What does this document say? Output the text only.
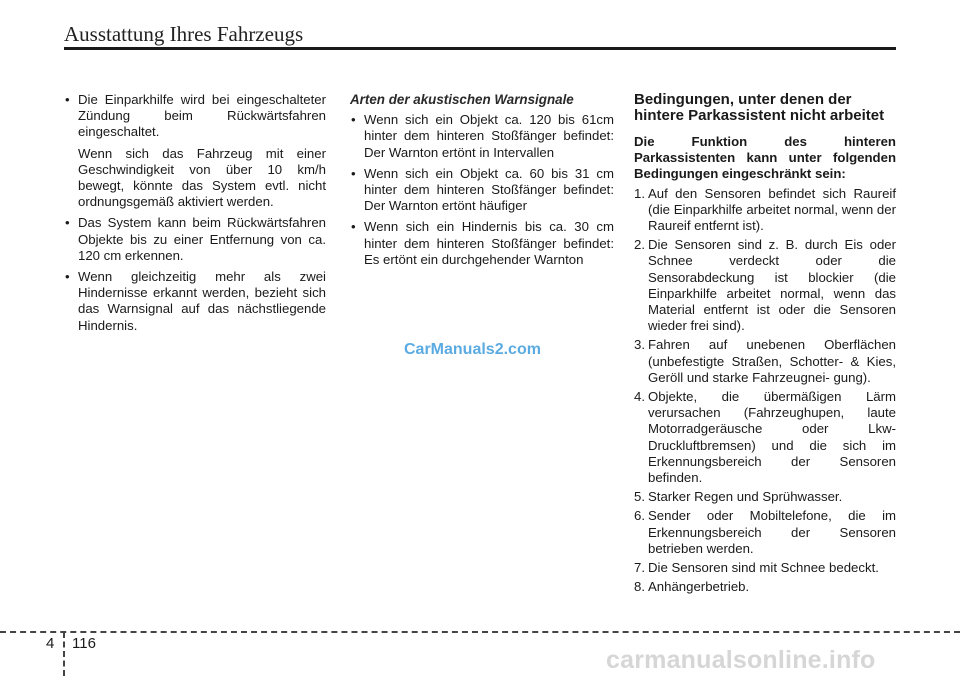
Ausstattung Ihres Fahrzeugs
• Die Einparkhilfe wird bei eingeschalteter Zündung beim Rückwärtsfahren eingeschaltet.
Wenn sich das Fahrzeug mit einer Geschwindigkeit von über 10 km/h bewegt, könnte das System evtl. nicht ordnungsgemäß aktiviert werden.
• Das System kann beim Rückwärtsfahren Objekte bis zu einer Entfernung von ca. 120 cm erkennen.
• Wenn gleichzeitig mehr als zwei Hindernisse erkannt werden, bezieht sich das Warnsignal auf das nächstliegende Hindernis.
Arten der akustischen Warnsignale
• Wenn sich ein Objekt ca. 120 bis 61cm hinter dem hinteren Stoßfänger befindet: Der Warnton ertönt in Intervallen
• Wenn sich ein Objekt ca. 60 bis 31 cm hinter dem hinteren Stoßfänger befindet: Der Warnton ertönt häufiger
• Wenn sich ein Hindernis bis ca. 30 cm hinter dem hinteren Stoßfänger befindet: Es ertönt ein durchgehender Warnton
Bedingungen, unter denen der hintere Parkassistent nicht arbeitet
Die Funktion des hinteren Parkassistenten kann unter folgenden Bedingungen eingeschränkt sein:
1. Auf den Sensoren befindet sich Raureif (die Einparkhilfe arbeitet normal, wenn der Raureif entfernt ist).
2. Die Sensoren sind z. B. durch Eis oder Schnee verdeckt oder die Sensorabdeckung ist blockier (die Einparkhilfe arbeitet normal, wenn das Material entfernt ist oder die Sensoren wieder frei sind).
3. Fahren auf unebenen Oberflächen (unbefestigte Straßen, Schotter- & Kies, Geröll und starke Fahrzeugnei- gung).
4. Objekte, die übermäßigen Lärm verursachen (Fahrzeughupen, laute Motorradgeräusche oder Lkw-Druckluftbremsen) und die sich im Erkennungsbereich der Sensoren befinden.
5. Starker Regen und Sprühwasser.
6. Sender oder Mobiltelefone, die im Erkennungsbereich der Sensoren betrieben werden.
7. Die Sensoren sind mit Schnee bedeckt.
8. Anhängerbetrieb.
CarManuals2.com
4 116
carmanualsonline.info
